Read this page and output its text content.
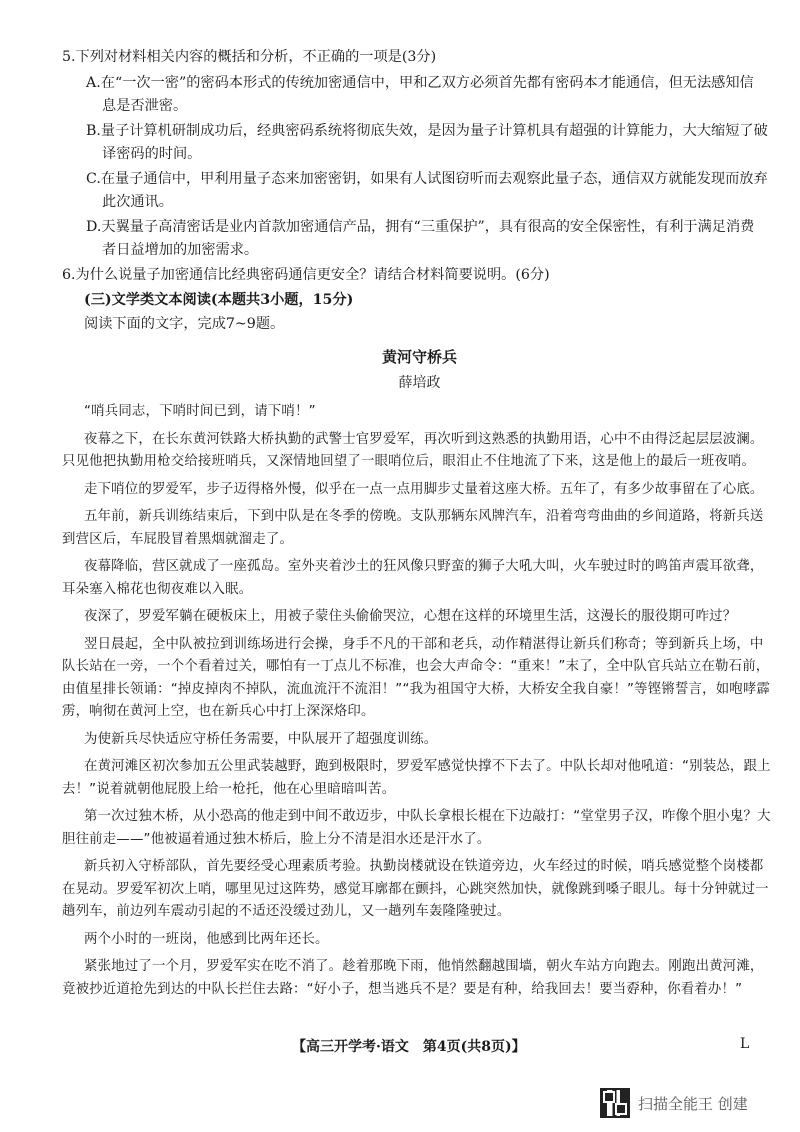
5.下列对材料相关内容的概括和分析，不正确的一项是(3分)
A.在“一次一密”的密码本形式的传统加密通信中，甲和乙双方必须首先都有密码本才能通信，但无法感知信
息是否泄密。
B.量子计算机研制成功后，经典密码系统将彻底失效，是因为量子计算机具有超强的计算能力，大大缩短了破
译密码的时间。
C.在量子通信中，甲利用量子态来加密密钥，如果有人试图窃听而去观察此量子态，通信双方就能发现而放弃
此次通讯。
D.天翼量子高清密话是业内首款加密通信产品，拥有“三重保护”，具有很高的安全保密性，有利于满足消费
者日益增加的加密需求。
6.为什么说量子加密通信比经典密码通信更安全？请结合材料简要说明。(6分)
(三)文学类文本阅读(本题共3小题，15分)
阅读下面的文字，完成7~9题。
黄河守桥兵
薛培政

“哨兵同志，下哨时间已到，请下哨！”

夜幕之下，在长东黄河铁路大桥执勤的武警士官罗爱军，再次听到这熟悉的执勤用语，心中不由得泛起层层波澜。只见他把执勤用枪交给接班哨兵，又深情地回望了一眼哨位后，眼泪止不住地流了下来，这是他上的最后一班夜哨。

走下哨位的罗爱军，步子迈得格外慢，似乎在一点一点用脚步丈量着这座大桥。五年了，有多少故事留在了心底。

五年前，新兵训练结束后，下到中队是在冬季的傍晚。支队那辆东风牌汽车，沿着弯弯曲曲的乡间道路，将新兵送到营区后，车屁股冒着黑烟就溜走了。

夜幕降临，营区就成了一座孤岛。室外夹着沙土的狂风像只野蛮的狮子大吼大叫，火车驶过时的鸣笛声震耳欲聋，耳朵塞入棉花也彻夜难以入眠。

夜深了，罗爱军躺在硬板床上，用被子蒙住头偷偷哭泣，心想在这样的环境里生活，这漫长的服役期可咋过？

翌日晨起，全中队被拉到训练场进行会操，身手不凡的干部和老兵，动作精湛得让新兵们称奇；等到新兵上场，中队长站在一旁，一个个看着过关，哪怕有一丁点儿不标准，也会大声命令：“重来！”末了，全中队官兵站立在勒石前，由值星排长领诵：“掉皮掉肉不掉队，流血流汗不流泪！”“我为祖国守大桥，大桥安全我自豪！”等铿锵誓言，如咆哮霹雳，响彻在黄河上空，也在新兵心中打上深深烙印。

为使新兵尽快适应守桥任务需要，中队展开了超强度训练。

在黄河滩区初次参加五公里武装越野，跑到极限时，罗爱军感觉快撑不下去了。中队长却对他吼道：“别装怂，跟上去！”说着就朝他屁股上给一枪托，他在心里暗暗叫苦。

第一次过独木桥，从小恐高的他走到中间不敢迈步，中队长拿根长棍在下边敲打：“堂堂男子汉，咋像个胆小鬼？大胆往前走——”他被逼着通过独木桥后，脸上分不清是泪水还是汗水了。

新兵初入守桥部队，首先要经受心理素质考验。执勤岗楼就设在铁道旁边，火车经过的时候，哨兵感觉整个岗楼都在晃动。罗爱军初次上哨，哪里见过这阵势，感觉耳廓都在颤抖，心跳突然加快，就像跳到嗓子眼儿。每十分钟就过一趟列车，前边列车震动引起的不适还没缓过劲儿，又一趟列车轰隆隆驶过。

两个小时的一班岗，他感到比两年还长。

紧张地过了一个月，罗爱军实在吃不消了。趁着那晚下雨，他悄然翻越围墙，朝火车站方向跑去。刚跑出黄河滩，竟被抄近道抢先到达的中队长拦住去路：“好小子，想当逃兵不是？要是有种，给我回去！要当孬种，你看着办！”

【高三开学考·语文　第4页(共8页)】	L
扫描全能王 创建
